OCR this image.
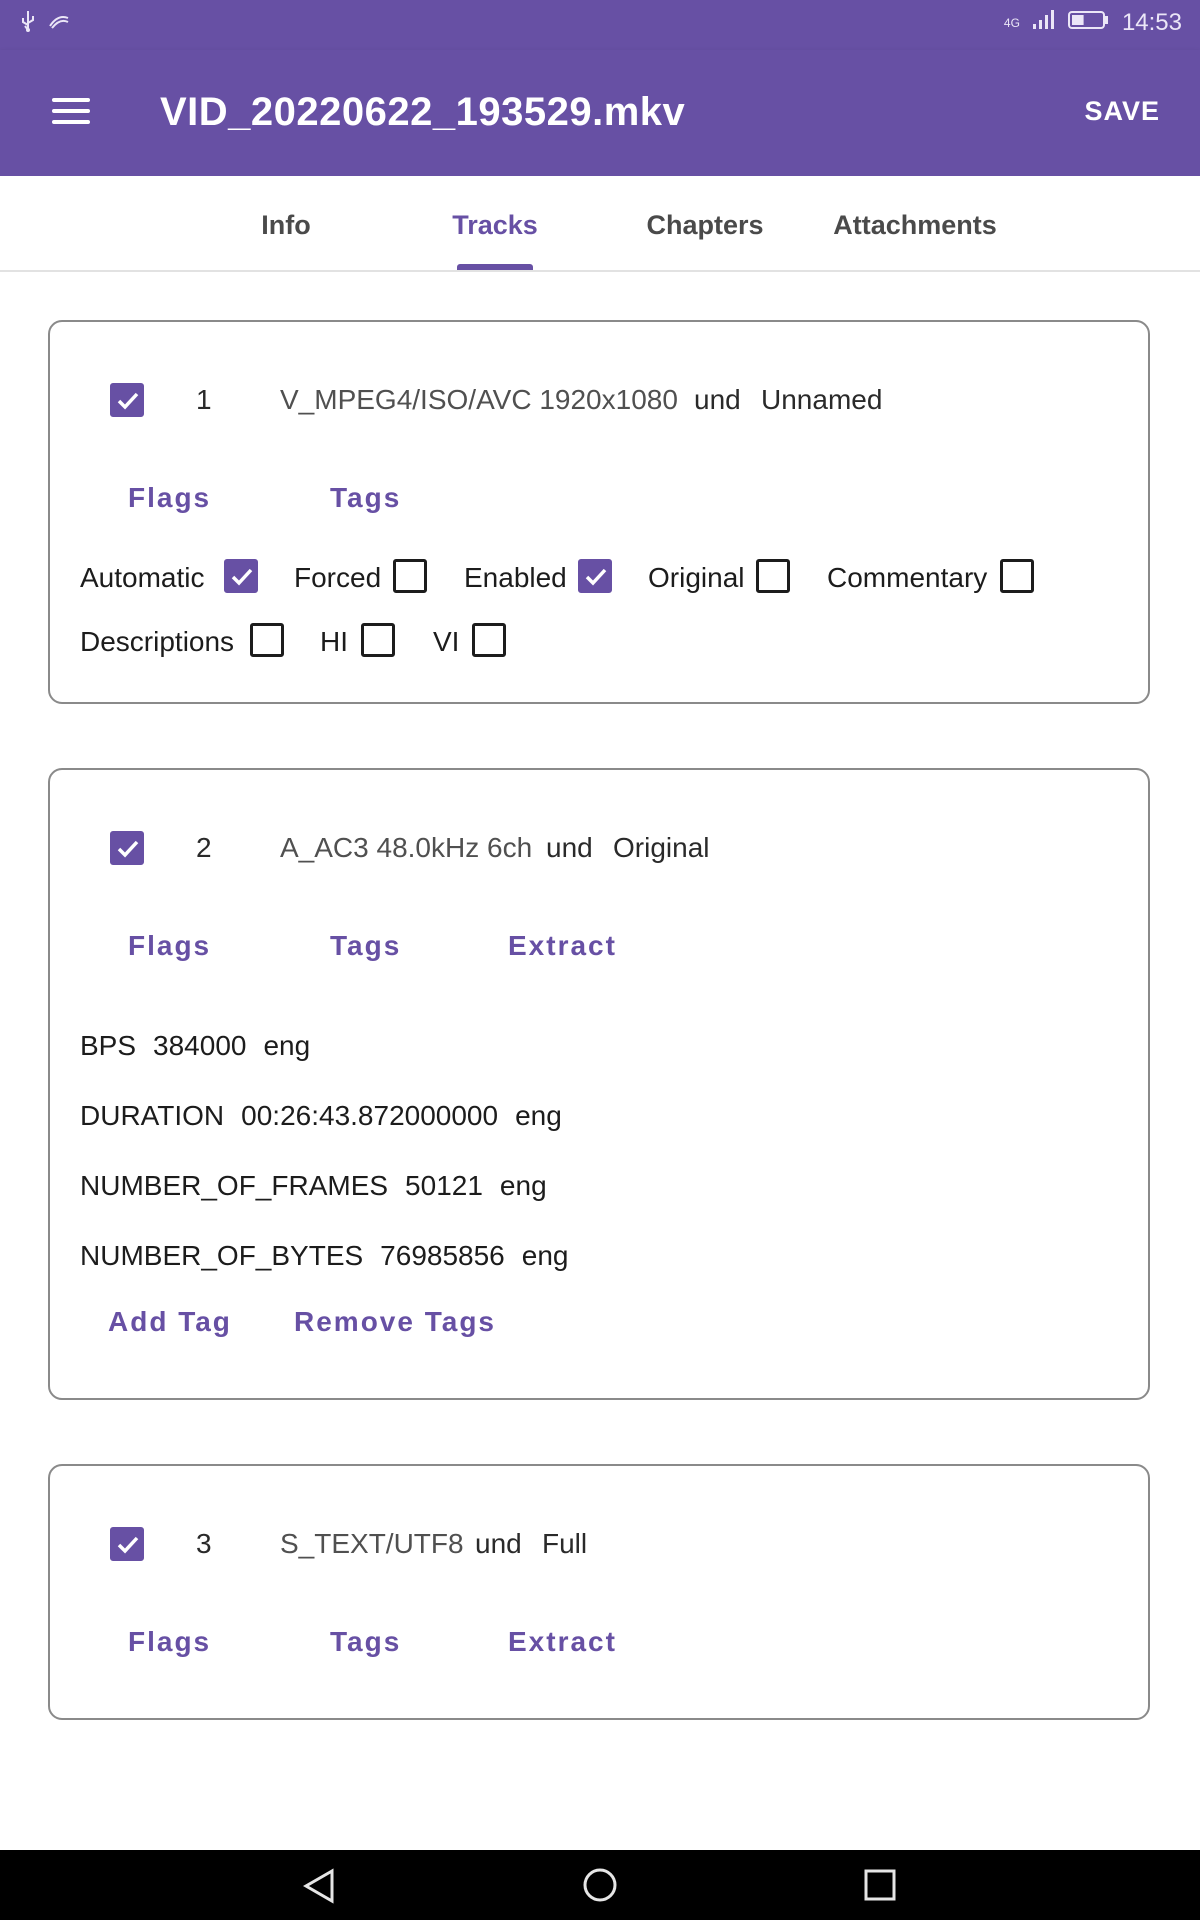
4G	14:53
VID_20220622_193529.mkv	SAVE
Info	Tracks	Chapters	Attachments
1 V_MPEG4/ISO/AVC 1920x1080 und Unnamed
Flags	Tags
Automatic	Forced	Enabled	Original	Commentary
Descriptions	HI	VI
2 A_AC3 48.0kHz 6ch und Original
Flags	Tags	Extract
BPS 384000 eng
DURATION 00:26:43.872000000 eng
NUMBER_OF_FRAMES 50121 eng
NUMBER_OF_BYTES 76985856 eng
Add Tag Remove Tags
3 S_TEXT/UTF8 und Full
Flags	Tags	Extract
